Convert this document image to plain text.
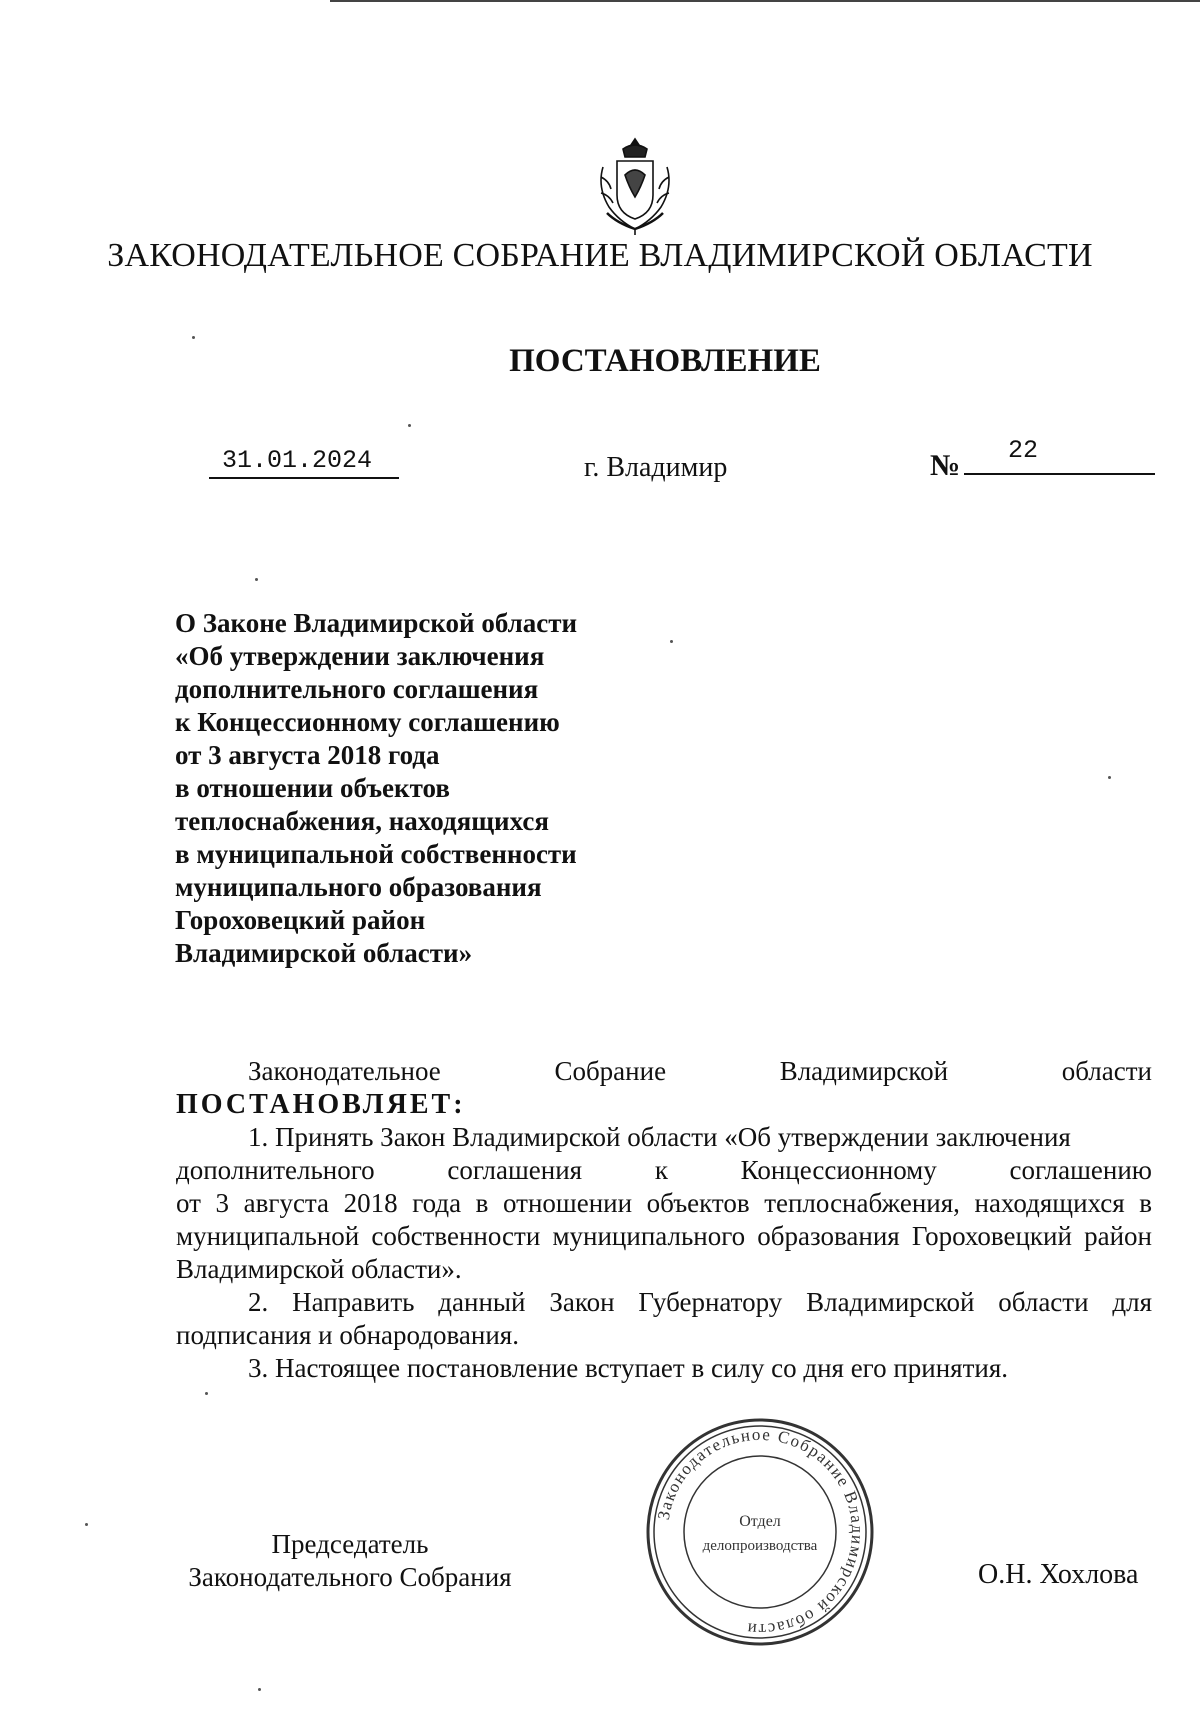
ЗАКОНОДАТЕЛЬНОЕ СОБРАНИЕ ВЛАДИМИРСКОЙ ОБЛАСТИ
ПОСТАНОВЛЕНИЕ
31.01.2024	г. Владимир	№ 22
О Законе Владимирской области
«Об утверждении заключения
дополнительного соглашения
к Концессионному соглашению
от 3 августа 2018 года
в отношении объектов
теплоснабжения, находящихся
в муниципальной собственности
муниципального образования
Гороховецкий район
Владимирской области»
Законодательное	Собрание	Владимирской	области
ПОСТАНОВЛЯЕТ:
1. Принять Закон Владимирской области «Об утверждении заключения
дополнительного	соглашения	к	Концессионному	соглашению
от 3 августа 2018 года в отношении объектов теплоснабжения, находящихся в муниципальной собственности муниципального образования Гороховецкий район Владимирской области».
2. Направить данный Закон Губернатору Владимирской области для подписания и обнародования.
3. Настоящее постановление вступает в силу со дня его принятия.
Председатель
Законодательного Собрания
Законодательное Собрание Владимирской области
Отдел
делопроизводства
О.Н. Хохлова
